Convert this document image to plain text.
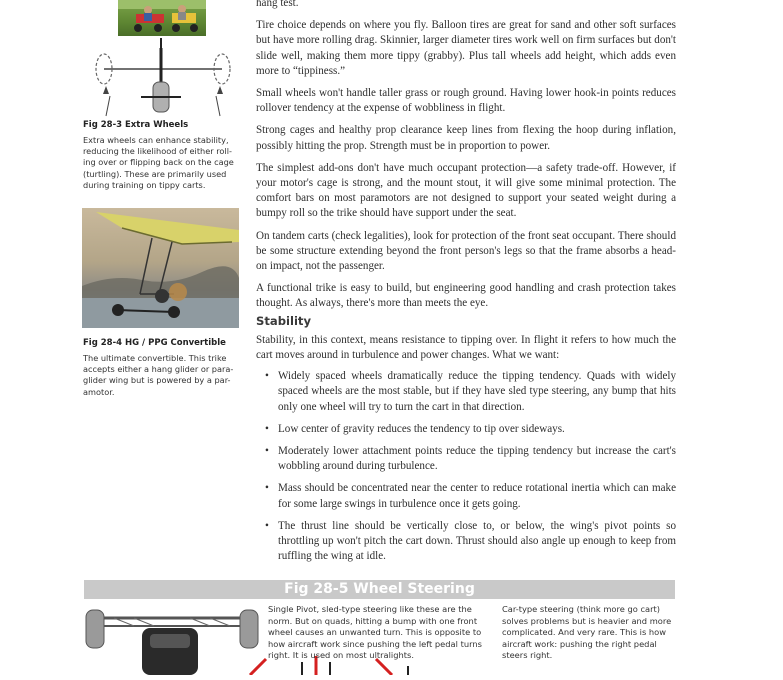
Fig 28-3 Extra Wheels
Extra wheels can enhance stability,
reducing the likelihood of either roll-
ing over or flipping back on the cage
(turtling). These are primarily used
during training on tippy carts.
Fig 28-4 HG / PPG Convertible
The ultimate convertible. This trike
accepts either a hang glider or para-
glider wing but is powered by a par-
amotor.

hang test.

Tire choice depends on where you fly. Balloon tires are great for sand and other soft surfaces but have more rolling drag. Skinnier, larger diameter tires work well on firm surfaces but don't slide well, making them more tippy (grabby). Plus tall wheels add height, which adds even more to “tippiness.”

Small wheels won't handle taller grass or rough ground. Having lower hook-in points reduces rollover tendency at the expense of wobbliness in flight.

Strong cages and healthy prop clearance keep lines from flexing the hoop during inflation, possibly hitting the prop. Strength must be in proportion to power.

The simplest add-ons don't have much occupant protection—a safety trade-off. However, if your motor's cage is strong, and the mount stout, it will give some minimal protection. The comfort bars on most paramotors are not designed to support your seated weight during a bumpy roll so the trike should have support under the seat.

On tandem carts (check legalities), look for protection of the front seat occupant. There should be some structure extending beyond the front person's legs so that the frame absorbs a head-on impact, not the passenger.

A functional trike is easy to build, but engineering good handling and crash protection takes thought. As always, there's more than meets the eye.

Stability

Stability, in this context, means resistance to tipping over. In flight it refers to how much the cart moves around in turbulence and power changes. What we want:

• Widely spaced wheels dramatically reduce the tipping tendency. Quads with widely spaced wheels are the most stable, but if they have sled type steering, any bump that hits only one wheel will try to turn the cart in that direction.
• Low center of gravity reduces the tendency to tip over sideways.
• Moderately lower attachment points reduce the tipping tendency but increase the cart's wobbling around during turbulence.
• Mass should be concentrated near the center to reduce rotational inertia which can make for some large swings in turbulence once it gets going.
• The thrust line should be vertically close to, or below, the wing's pivot points so throttling up won't pitch the cart down. Thrust should also angle up enough to keep from ruffling the wing at idle.
Fig 28-5 Wheel Steering
Single Pivot, sled-type steering like these are the
norm. But on quads, hitting a bump with one front
wheel causes an unwanted turn. This is opposite to
how aircraft work since pushing the left pedal turns
right. It is used on most ultralights.
Car-type steering (think more go cart)
solves problems but is heavier and more
complicated. And very rare. This is how
aircraft work: pushing the right pedal
steers right.
